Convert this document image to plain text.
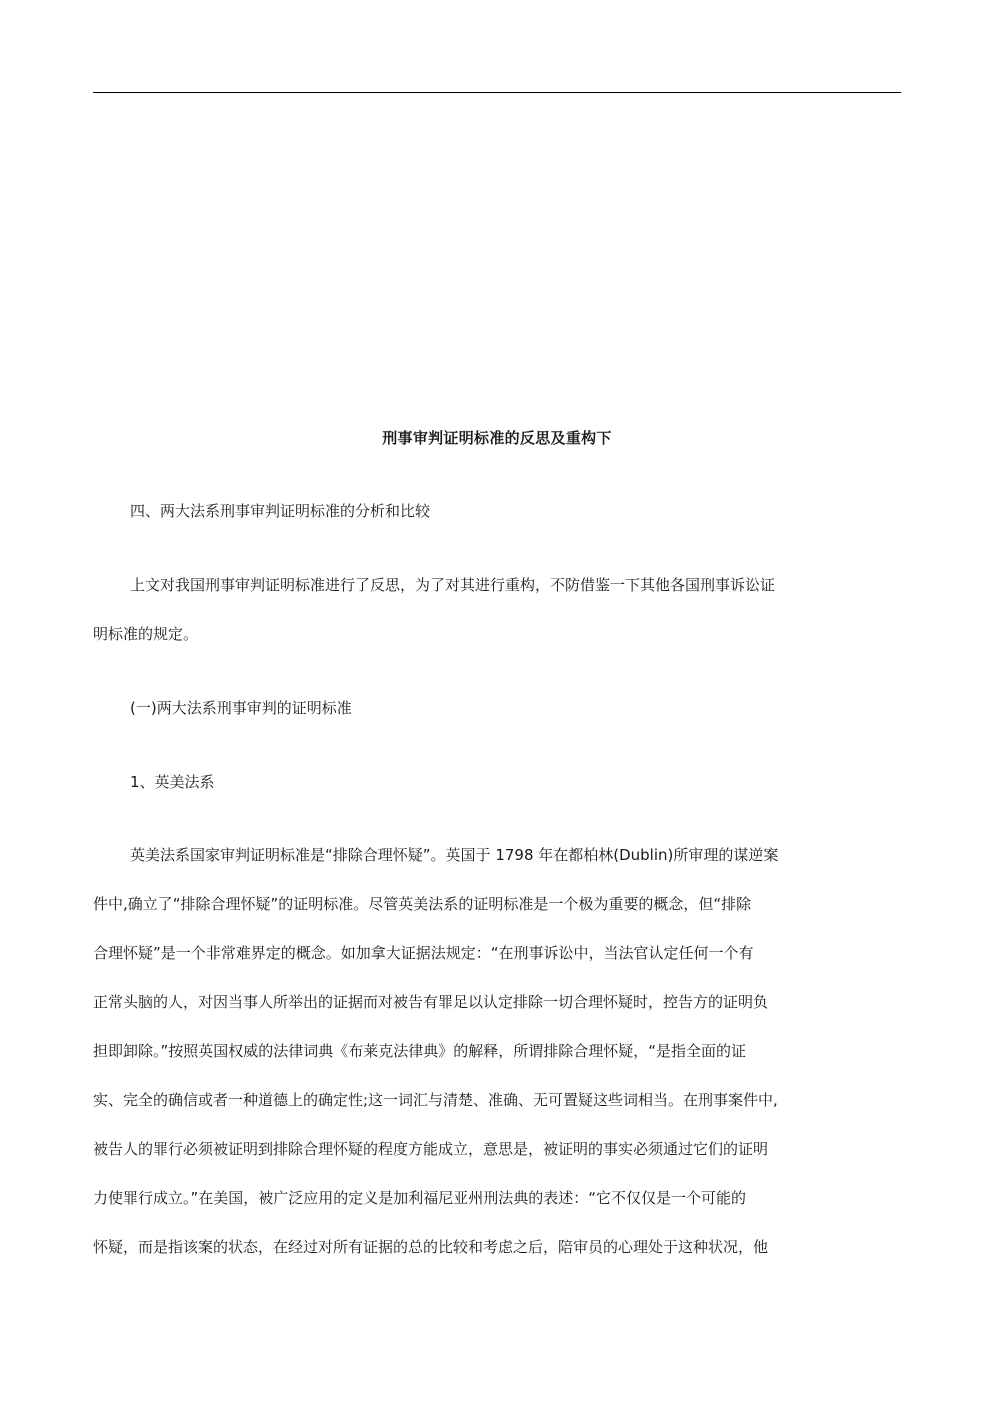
刑事审判证明标准的反思及重构下
四、两大法系刑事审判证明标准的分析和比较
上文对我国刑事审判证明标准进行了反思，为了对其进行重构，不防借鉴一下其他各国刑事诉讼证
明标准的规定。
(一)两大法系刑事审判的证明标准
1、英美法系
英美法系国家审判证明标准是“排除合理怀疑”。英国于 1798 年在都柏林(Dublin)所审理的谋逆案
件中,确立了“排除合理怀疑”的证明标准。尽管英美法系的证明标准是一个极为重要的概念，但“排除
合理怀疑”是一个非常难界定的概念。如加拿大证据法规定：“在刑事诉讼中，当法官认定任何一个有
正常头脑的人，对因当事人所举出的证据而对被告有罪足以认定排除一切合理怀疑时，控告方的证明负
担即卸除。”按照英国权威的法律词典《布莱克法律典》的解释，所谓排除合理怀疑，“是指全面的证
实、完全的确信或者一种道德上的确定性;这一词汇与清楚、准确、无可置疑这些词相当。在刑事案件中,
被告人的罪行必须被证明到排除合理怀疑的程度方能成立，意思是，被证明的事实必须通过它们的证明
力使罪行成立。”在美国，被广泛应用的定义是加利福尼亚州刑法典的表述：“它不仅仅是一个可能的
怀疑，而是指该案的状态，在经过对所有证据的总的比较和考虑之后，陪审员的心理处于这种状况，他
